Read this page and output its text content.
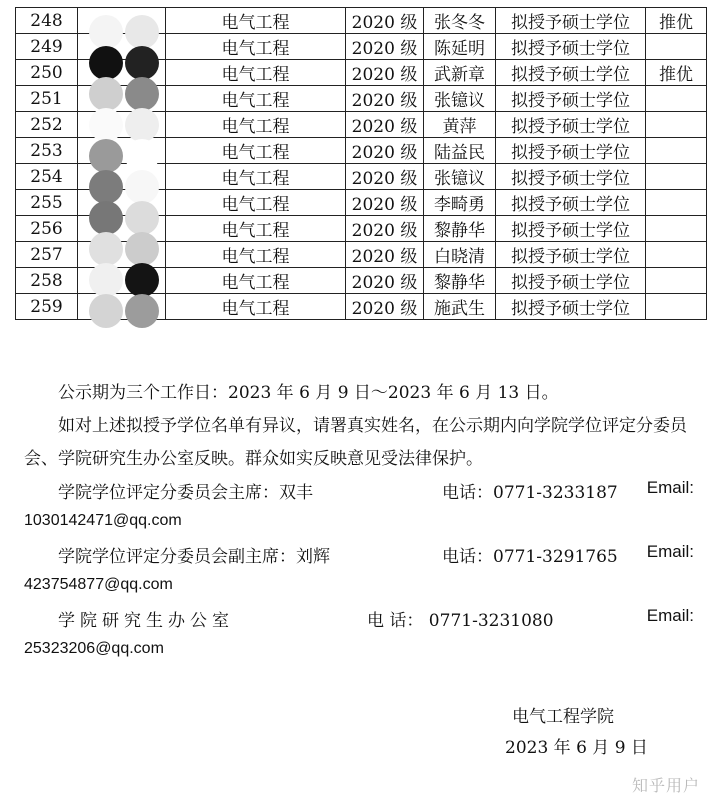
248		电气工程	2020 级	张冬冬	拟授予硕士学位	推优
249		电气工程	2020 级	陈延明	拟授予硕士学位	
250		电气工程	2020 级	武新章	拟授予硕士学位	推优
251		电气工程	2020 级	张镱议	拟授予硕士学位	
252		电气工程	2020 级	黄萍	拟授予硕士学位	
253		电气工程	2020 级	陆益民	拟授予硕士学位	
254		电气工程	2020 级	张镱议	拟授予硕士学位	
255		电气工程	2020 级	李畸勇	拟授予硕士学位	
256		电气工程	2020 级	黎静华	拟授予硕士学位	
257		电气工程	2020 级	白晓清	拟授予硕士学位	
258		电气工程	2020 级	黎静华	拟授予硕士学位	
259		电气工程	2020 级	施武生	拟授予硕士学位	
公示期为三个工作日：2023 年 6 月 9 日～2023 年 6 月 13 日。
如对上述拟授予学位名单有异议，请署真实姓名，在公示期内向学院学位评定分委员会、学院研究生办公室反映。群众如实反映意见受法律保护。
学院学位评定分委员会主席：双丰	电话：0771-3233187 Email:
1030142471@qq.com
学院学位评定分委员会副主席：刘辉	电话：0771-3291765 Email:
423754877@qq.com
学院研究生办公室	电 话： 0771-3231080	Email:
25323206@qq.com
电气工程学院
2023 年 6 月 9 日
知乎用户
